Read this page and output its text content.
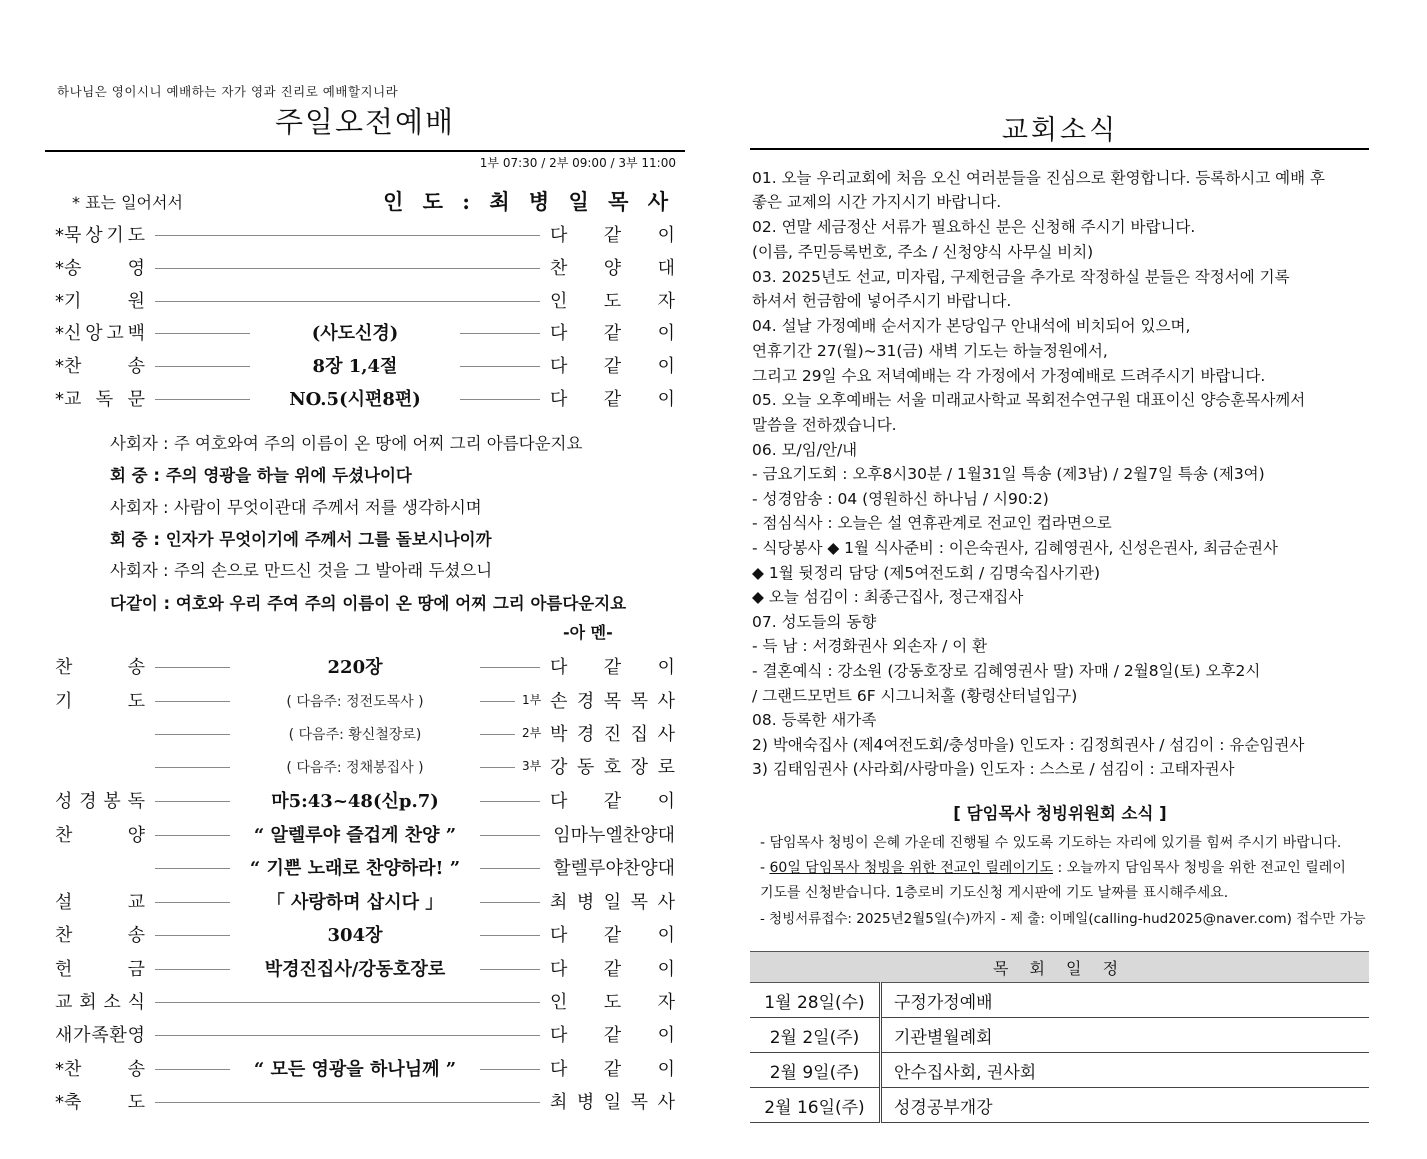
하나님은 영이시니 예배하는 자가 영과 진리로 예배할지니라
주일오전예배
1부 07:30 / 2부 09:00 / 3부 11:00
* 표는 일어서서	인 도 : 최 병 일 목 사
*묵 상 기 도	다 같 이
*송	영	찬 양 대
*기	원	인 도 자
*신 앙 고 백	(사도신경)	다 같 이
*찬	송	8장 1,4절	다 같 이
*교 독 문	NO.5(시편8편)	다 같 이
사회자 : 주 여호와여 주의 이름이 온 땅에 어찌 그리 아름다운지요
회 중 : 주의 영광을 하늘 위에 두셨나이다
사회자 : 사람이 무엇이관대 주께서 저를 생각하시며
회 중 : 인자가 무엇이기에 주께서 그를 돌보시나이까
사회자 : 주의 손으로 만드신 것을 그 발아래 두셨으니
다같이 : 여호와 우리 주여 주의 이름이 온 땅에 어찌 그리 아름다운지요
-아 멘-
찬	송	220장	다 같 이
기	도	( 다음주: 정전도목사 )	1부 손 경 목 목 사
( 다음주: 황신철장로)	2부 박 경 진 집 사
( 다음주: 정채봉집사 )	3부 강 동 호 장 로
성 경 봉 독	마5:43~48(신p.7)	다 같 이
찬	양	“ 알렐루야 즐겁게 찬양 ”	임마누엘찬양대
“ 기쁜 노래로 찬양하라! ”	할렐루야찬양대
설	교	「 사랑하며 삽시다 」	최 병 일 목 사
찬	송	304장	다 같 이
헌	금	박경진집사/강동호장로	다 같 이
교 회 소 식	인 도 자
새 가 족 환 영	다 같 이
*찬	송	“ 모든 영광을 하나님께 ”	다 같 이
*축	도	최 병 일 목 사
교회소식
01. 오늘 우리교회에 처음 오신 여러분들을 진심으로 환영합니다. 등록하시고 예배 후
좋은 교제의 시간 가지시기 바랍니다.
02. 연말 세금정산 서류가 필요하신 분은 신청해 주시기 바랍니다.
(이름, 주민등록번호, 주소 / 신청양식 사무실 비치)
03. 2025년도 선교, 미자립, 구제헌금을 추가로 작정하실 분들은 작정서에 기록
하셔서 헌금함에 넣어주시기 바랍니다.
04. 설날 가정예배 순서지가 본당입구 안내석에 비치되어 있으며,
연휴기간 27(월)~31(금) 새벽 기도는 하늘정원에서,
그리고 29일 수요 저녁예배는 각 가정에서 가정예배로 드려주시기 바랍니다.
05. 오늘 오후예배는 서울 미래교사학교 목회전수연구원 대표이신 양승훈목사께서
말씀을 전하겠습니다.
06. 모/임/안/내
- 금요기도회 : 오후8시30분 / 1월31일 특송 (제3남) / 2월7일 특송 (제3여)
- 성경암송 : 04 (영원하신 하나님 / 시90:2)
- 점심식사 : 오늘은 설 연휴관계로 전교인 컵라면으로
- 식당봉사 ◆ 1월 식사준비 : 이은숙권사, 김혜영권사, 신성은권사, 최금순권사
◆ 1월 뒷정리 담당 (제5여전도회 / 김명숙집사기관)
◆ 오늘 섬김이 : 최종근집사, 정근재집사
07. 성도들의 동향
- 득 남 : 서경화권사 외손자 / 이 환
- 결혼예식 : 강소원 (강동호장로 김혜영권사 딸) 자매 / 2월8일(토) 오후2시
/ 그랜드모먼트 6F 시그니처홀 (황령산터널입구)
08. 등록한 새가족
2) 박애숙집사 (제4여전도회/충성마을) 인도자 : 김정희권사 / 섬김이 : 유순임권사
3) 김태임권사 (사라회/사랑마을) 인도자 : 스스로 / 섬김이 : 고태자권사
[ 담임목사 청빙위원회 소식 ]
- 담임목사 청빙이 은혜 가운데 진행될 수 있도록 기도하는 자리에 있기를 힘써 주시기 바랍니다.
- 60일 담임목사 청빙을 위한 전교인 릴레이기도 : 오늘까지 담임목사 청빙을 위한 전교인 릴레이
기도를 신청받습니다. 1층로비 기도신청 게시판에 기도 날짜를 표시해주세요.
- 청빙서류접수: 2025년2월5일(수)까지 - 제 출: 이메일(calling-hud2025@naver.com) 접수만 가능
목 회 일 정	
1월 28일(수)	구정가정예배
2월 2일(주)	기관별월례회
2월 9일(주)	안수집사회, 권사회
2월 16일(주)	성경공부개강
